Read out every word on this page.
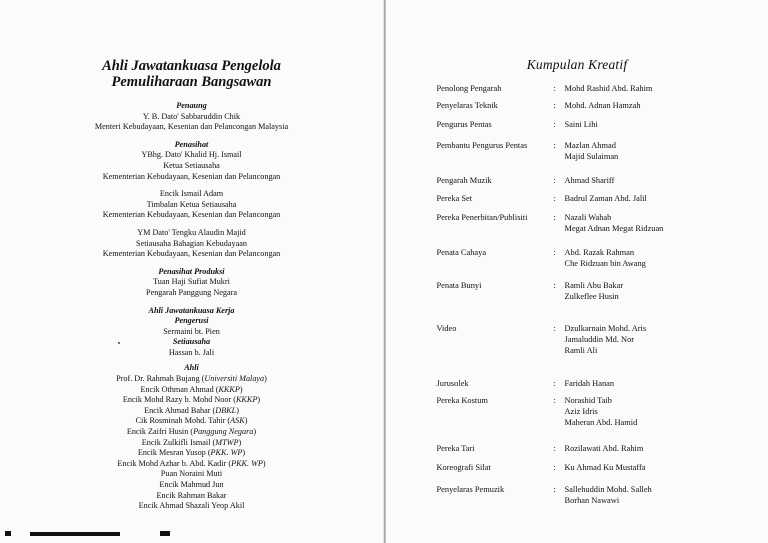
Ahli Jawatankuasa Pengelola
Pemuliharaan Bangsawan
Penaung
Y. B. Dato' Sabbaruddin Chik
Menteri Kebudayaan, Kesenian dan Pelancongan Malaysia
Penasihat
YBhg. Dato' Khalid Hj. Ismail
Ketua Setiausaha
Kementerian Kebudayaan, Kesenian dan Pelancongan
Encik Ismail Adam
Timbalan Ketua Setiausaha
Kementerian Kebudayaan, Kesenian dan Pelancongan
YM Dato' Tengku Alaudin Majid
Setiausaha Bahagian Kebudayaan
Kementerian Kebudayaan, Kesenian dan Pelancongan
Penasihat Produksi
Tuan Haji Sufiat Mukri
Pengarah Panggung Negara
Ahli Jawatankuasa Kerja
Pengerusi
Sermaini bt. Pien
Setiausaha
Hassan b. Jali
Ahli
Prof. Dr. Rahmah Bujang (Universiti Malaya)
Encik Othman Ahmad (KKKP)
Encik Mohd Razy b. Mohd Noor (KKKP)
Encik Ahmad Bahar (DBKL)
Cik Rosminah Mohd. Tahir (ASK)
Encik Zaifri Husin (Panggung Negara)
Encik Zulkifli Ismail (MTWP)
Encik Mesran Yusop (PKK. WP)
Encik Mohd Azhar b. Abd. Kadir (PKK. WP)
Puan Noraini Muti
Encik Mahmud Jun
Encik Rahman Bakar
Encik Ahmad Shazali Yeop Akil
Kumpulan Kreatif
Penolong Pengarah	:	Mohd Rashid Abd. Rahim
Penyelaras Teknik	:	Mohd. Adnan Hamzah
Pengurus Pentas	:	Saini Lihi
Pembantu Pengurus Pentas	:	Mazlan Ahmad
Majid Sulaiman
Pengarah Muzik	:	Ahmad Shariff
Pereka Set	:	Badrul Zaman Abd. Jalil
Pereka Penerbitan/Publisiti	:	Nazali Wahab
Megat Adnan Megat Ridzuan
Penata Cahaya	:	Abd. Razak Rahman
Che Ridzuan bin Awang
Penata Bunyi	:	Ramli Abu Bakar
Zulkeflee Husin
Video	:	Dzulkarnain Mohd. Aris
Jamaluddin Md. Nor
Ramli Ali
Jurusolek	:	Faridah Hanan
Pereka Kostum	:	Norashid Taib
Aziz Idris
Maheran Abd. Hamid
Pereka Tari	:	Rozilawati Abd. Rahim
Koreografi Silat	:	Ku Ahmad Ku Mustaffa
Penyelaras Pemuzik	:	Sallehuddin Mohd. Salleh
Borhan Nawawi
